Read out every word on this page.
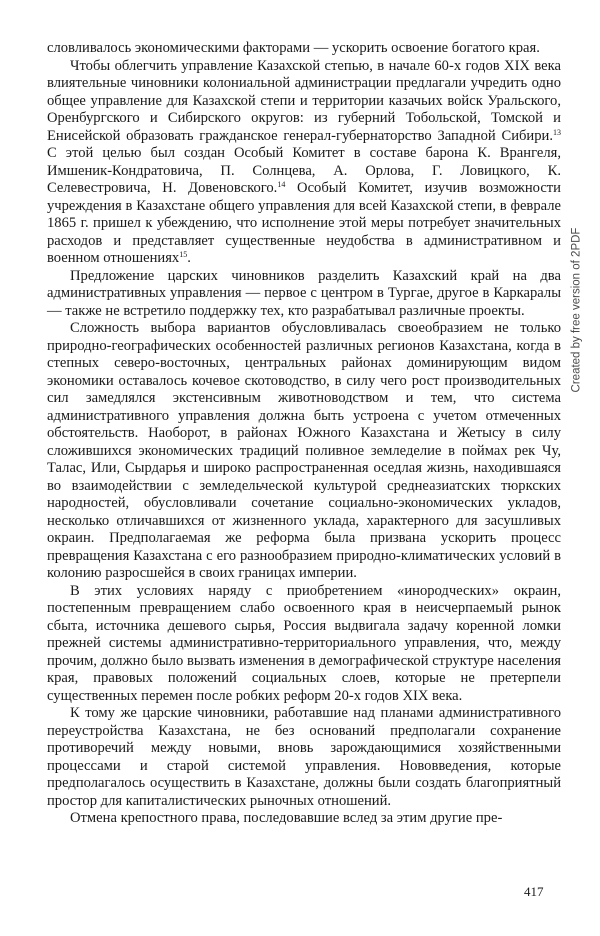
словливалось экономическими факторами — ускорить освоение богатого края.

Чтобы облегчить управление Казахской степью, в начале 60-х годов XIX века влиятельные чиновники колониальной администрации предлагали учредить одно общее управление для Казахской степи и территории казачьих войск Уральского, Оренбургского и Сибирского округов: из губерний Тобольской, Томской и Енисейской образовать гражданское генерал-губернаторство Западной Сибири.$^{13}$ С этой целью был создан Особый Комитет в составе барона К. Врангеля, Имшеник-Кондратовича, П. Солнцева, А. Орлова, Г. Ловицкого, К. Селевестровича, Н. Довеновского.$^{14}$ Особый Комитет, изучив возможности учреждения в Казахстане общего управления для всей Казахской степи, в феврале 1865 г. пришел к убеждению, что исполнение этой меры потребует значительных расходов и представляет существенные неудобства в административном и военном отношениях$^{15}$.

Предложение царских чиновников разделить Казахский край на два административных управления — первое с центром в Тургае, другое в Каркаралы — также не встретило поддержку тех, кто разрабатывал различные проекты.

Сложность выбора вариантов обусловливалась своеобразием не только природно-географических особенностей различных регионов Казахстана, когда в степных северо-восточных, центральных районах доминирующим видом экономики оставалось кочевое скотоводство, в силу чего рост производительных сил замедлялся экстенсивным животноводством и тем, что система административного управления должна быть устроена с учетом отмеченных обстоятельств. Наоборот, в районах Южного Казахстана и Жетысу в силу сложившихся экономических традиций поливное земледелие в поймах рек Чу, Талас, Или, Сырдарья и широко распространенная оседлая жизнь, находившаяся во взаимодействии с земледельческой культурой среднеазиатских тюркских народностей, обусловливали сочетание социально-экономических укладов, несколько отличавшихся от жизненного уклада, характерного для засушливых окраин. Предполагаемая же реформа была призвана ускорить процесс превращения Казахстана с его разнообразием природно-климатических условий в колонию разросшейся в своих границах империи.

В этих условиях наряду с приобретением «инородческих» окраин, постепенным превращением слабо освоенного края в неисчерпаемый рынок сбыта, источника дешевого сырья, Россия выдвигала задачу коренной ломки прежней системы административно-территориального управления, что, между прочим, должно было вызвать изменения в демографической структуре населения края, правовых положений социальных слоев, которые не претерпели существенных перемен после робких реформ 20-х годов XIX века.

К тому же царские чиновники, работавшие над планами административного переустройства Казахстана, не без оснований предполагали сохранение противоречий между новыми, вновь зарождающимися хозяйственными процессами и старой системой управления. Нововведения, которые предполагалось осуществить в Казахстане, должны были создать благоприятный простор для капиталистических рыночных отношений.

Отмена крепостного права, последовавшие вслед за этим другие пре-

417
Created by free version of 2PDF
